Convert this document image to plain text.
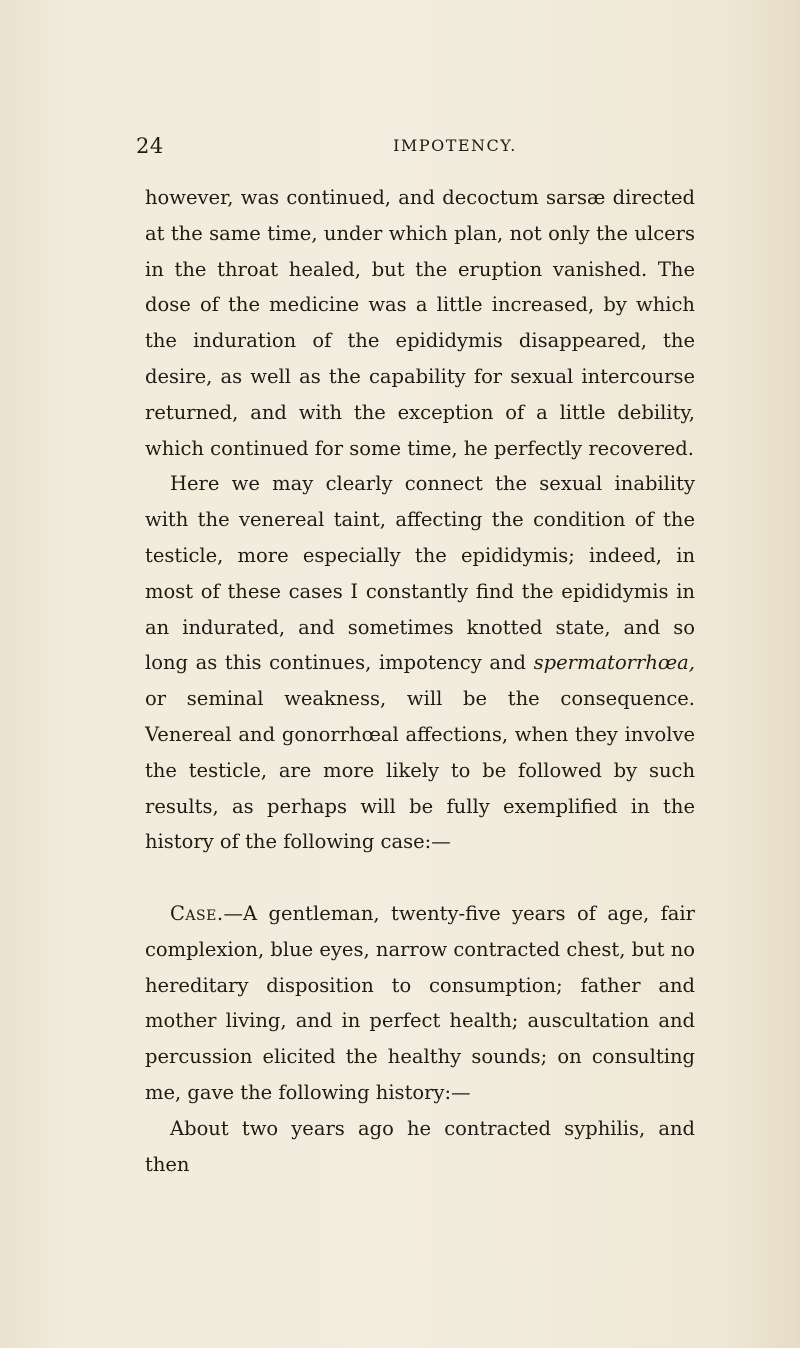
24	IMPOTENCY.

however, was continued, and decoctum sarsæ directed at the same time, under which plan, not only the ulcers in the throat healed, but the eruption vanished. The dose of the medicine was a little increased, by which the induration of the epididymis disappeared, the desire, as well as the capability for sexual intercourse returned, and with the exception of a little debility, which continued for some time, he perfectly recovered.

Here we may clearly connect the sexual inability with the venereal taint, affecting the condition of the testicle, more especially the epididymis; indeed, in most of these cases I constantly find the epididymis in an indurated, and sometimes knotted state, and so long as this continues, impotency and spermatorrhœa, or seminal weakness, will be the consequence. Venereal and gonorrhœal affections, when they involve the testicle, are more likely to be followed by such results, as perhaps will be fully exemplified in the history of the following case:—

Case.—A gentleman, twenty-five years of age, fair complexion, blue eyes, narrow contracted chest, but no hereditary disposition to consumption; father and mother living, and in perfect health; auscultation and percussion elicited the healthy sounds; on consulting me, gave the following history:—

About two years ago he contracted syphilis, and then
